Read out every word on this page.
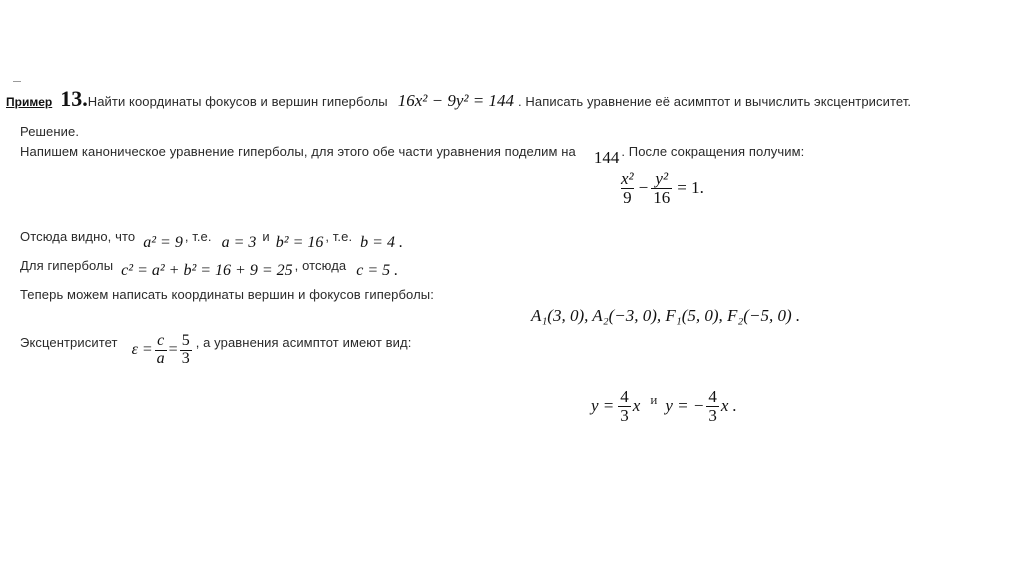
Пример 13. Найти координаты фокусов и вершин гиперболы 16x² − 9y² = 144 . Написать уравнение её асимптот и вычислить эксцентриситет.
Решение.
Напишем каноническое уравнение гиперболы, для этого обе части уравнения поделим на 144 . После сокращения получим:
$\frac{\text{x²}}{9} - \frac{\text{y²}}{16} = 1$.
Отсюда видно, что a² = 9 , т.е. a = 3 и b² = 16 , т.е. b = 4 .
Для гиперболы c² = a² + b² = 16 + 9 = 25 , отсюда c = 5 .
Теперь можем написать координаты вершин и фокусов гиперболы:
A₁(3, 0), A₂(−3, 0), F₁(5, 0), F₂(−5, 0) .
Эксцентриситет $\varepsilon = \frac{c}{a} = \frac{5}{3}$ , а уравнения асимптот имеют вид:
$y = \frac{4}{3}$ x и y = − $\frac{4}{3}$ x .
